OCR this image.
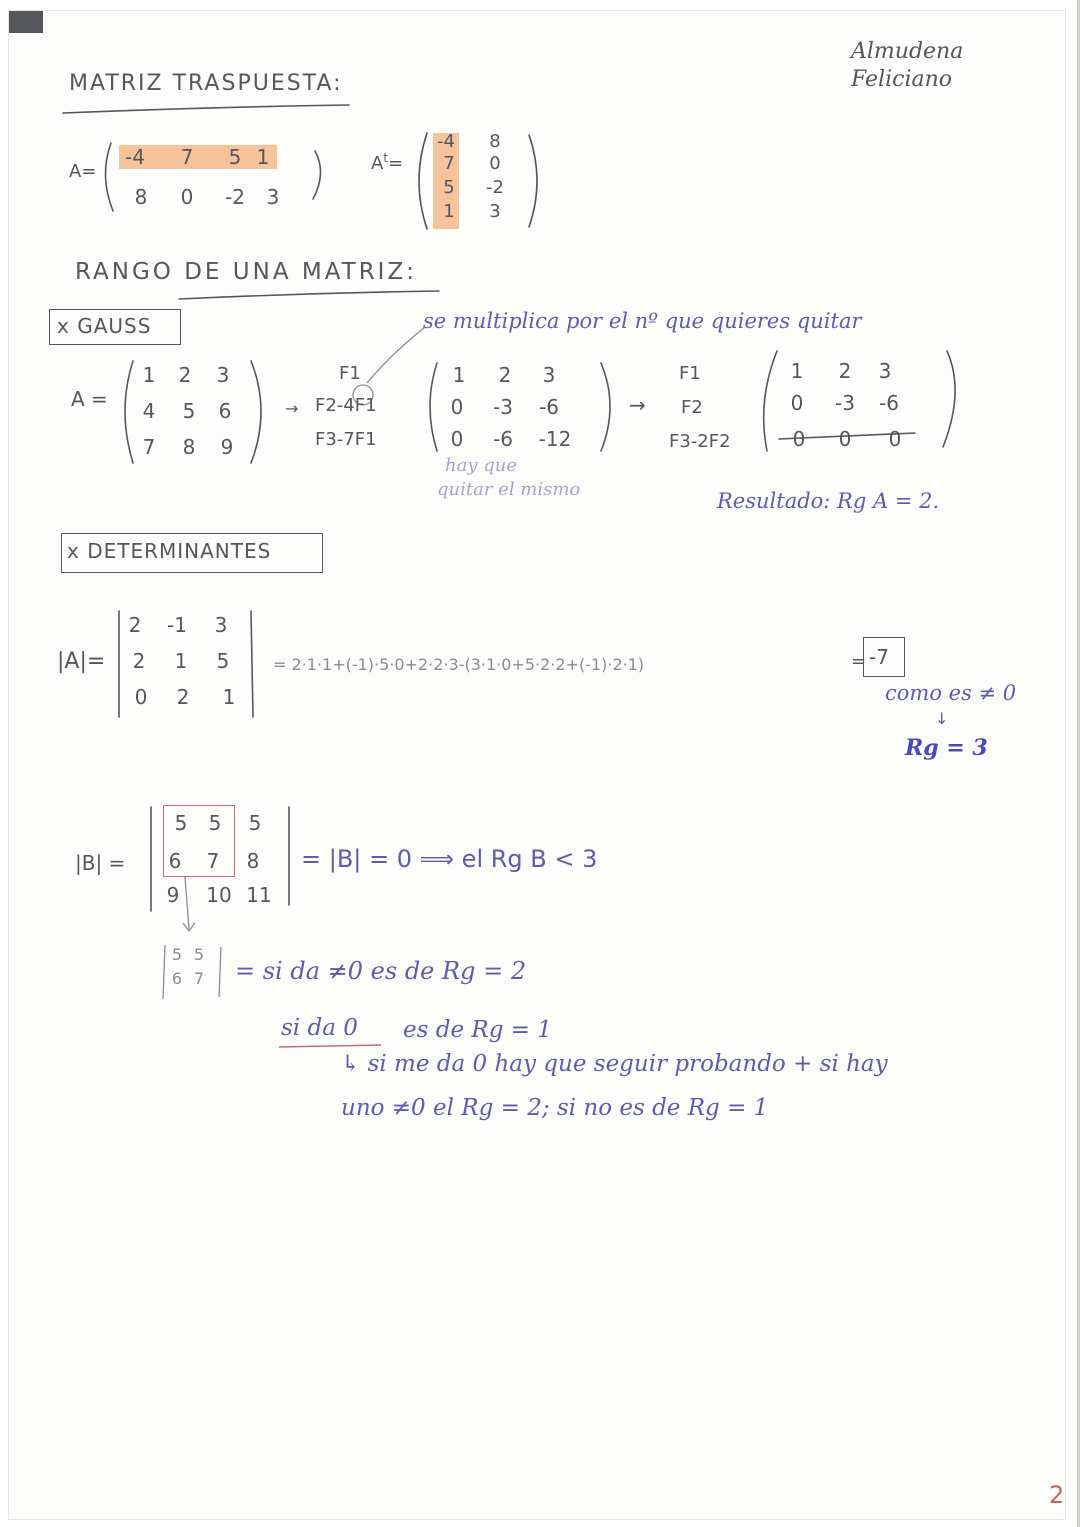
Almudena
Feliciano
MATRIZ TRASPUESTA:
A=
-4 7 5 1
8 0 -2 3
$A^t=$
-4 8
7 0
5 -2
1 3
RANGO DE UNA MATRIZ:
x GAUSS	se multiplica por el nº que quieres quitar
A =
1 2 3
4 5 6
7 8 9
→
F1
F2-4F1
F3-7F1
1 2 3
0 -3 -6
0 -6 -12
hay que
quitar el mismo
→
F1
F2
F3-2F2
1 2 3
0 -3 -6
0 0 0
Resultado: Rg A = 2.
x DETERMINANTES
|A|=
2 -1 3
2 1 5
0 2 1
= 2·1·1+(-1)·5·0+2·2·3-(3·1·0+5·2·2+(-1)·2·1)	= -7
como es ≠ 0
↓
Rg = 3
|B| =
5 5 5
6 7 8
9 10 11
= |B| = 0 ⟹ el Rg B < 3
5 5
6 7 = si da ≠0 es de Rg = 2
si da 0 es de Rg = 1
↳ si me da 0 hay que seguir probando + si hay
uno ≠0 el Rg = 2; si no es de Rg = 1
2
